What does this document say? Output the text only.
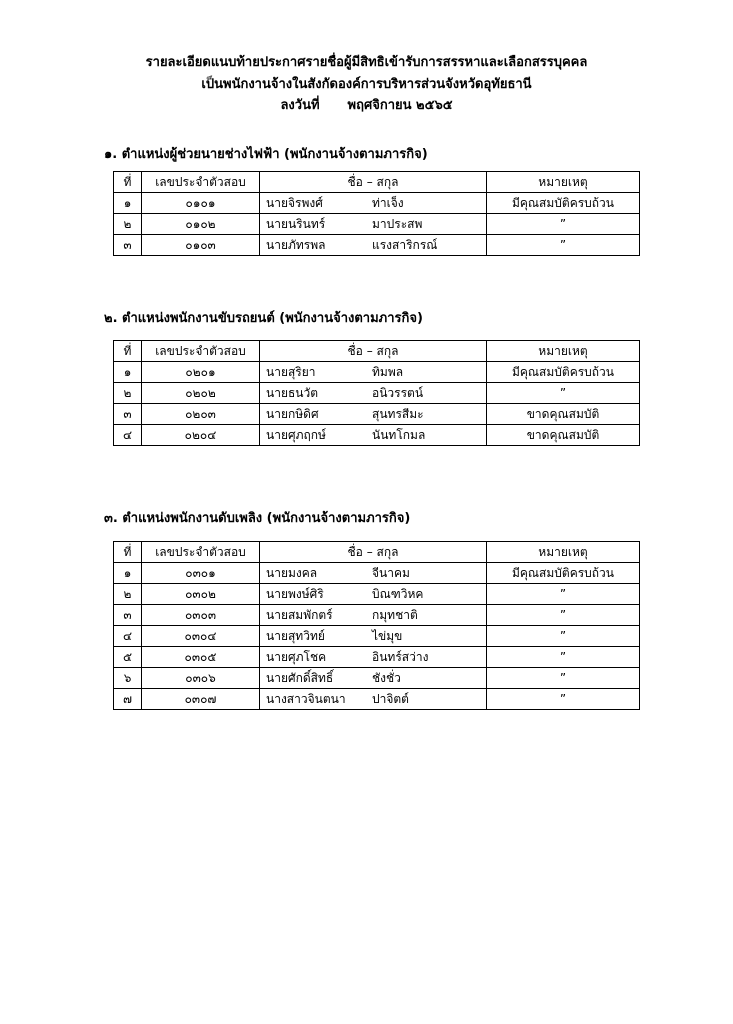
รายละเอียดแนบท้ายประกาศรายชื่อผู้มีสิทธิเข้ารับการสรรหาและเลือกสรรบุคคล
เป็นพนักงานจ้างในสังกัดองค์การบริหารส่วนจังหวัดอุทัยธานี
ลงวันที่ พฤศจิกายน ๒๕๖๕
๑. ตำแหน่งผู้ช่วยนายช่างไฟฟ้า (พนักงานจ้างตามภารกิจ)
ที่	เลขประจำตัวสอบ	ชื่อ – สกุล	หมายเหตุ
๑	๐๑๐๑	นายจิรพงศ์ ท่าเจ็ง	มีคุณสมบัติครบถ้วน
๒	๐๑๐๒	นายนรินทร์ มาประสพ	”
๓	๐๑๐๓	นายภัทรพล แรงสาริกรณ์	”
๒. ตำแหน่งพนักงานขับรถยนต์ (พนักงานจ้างตามภารกิจ)
ที่	เลขประจำตัวสอบ	ชื่อ – สกุล	หมายเหตุ
๑	๐๒๐๑	นายสุริยา ทิมพล	มีคุณสมบัติครบถ้วน
๒	๐๒๐๒	นายธนวัต อนิวรรตน์	”
๓	๐๒๐๓	นายกษิดิศ สุนทรสีมะ	ขาดคุณสมบัติ
๔	๐๒๐๔	นายศุภฤกษ์ นันทโกมล	ขาดคุณสมบัติ
๓. ตำแหน่งพนักงานดับเพลิง (พนักงานจ้างตามภารกิจ)
ที่	เลขประจำตัวสอบ	ชื่อ – สกุล	หมายเหตุ
๑	๐๓๐๑	นายมงคล จีนาคม	มีคุณสมบัติครบถ้วน
๒	๐๓๐๒	นายพงษ์ศิริ บิณฑวิหค	”
๓	๐๓๐๓	นายสมพักตร์ กมุทชาติ	”
๔	๐๓๐๔	นายสุทวิทย์ ไข่มุข	”
๕	๐๓๐๕	นายศุภโชค อินทร์สว่าง	”
๖	๐๓๐๖	นายศักดิ์สิทธิ์ ชังชั่ว	”
๗	๐๓๐๗	นางสาวจินตนา ปาจิตต์	”
